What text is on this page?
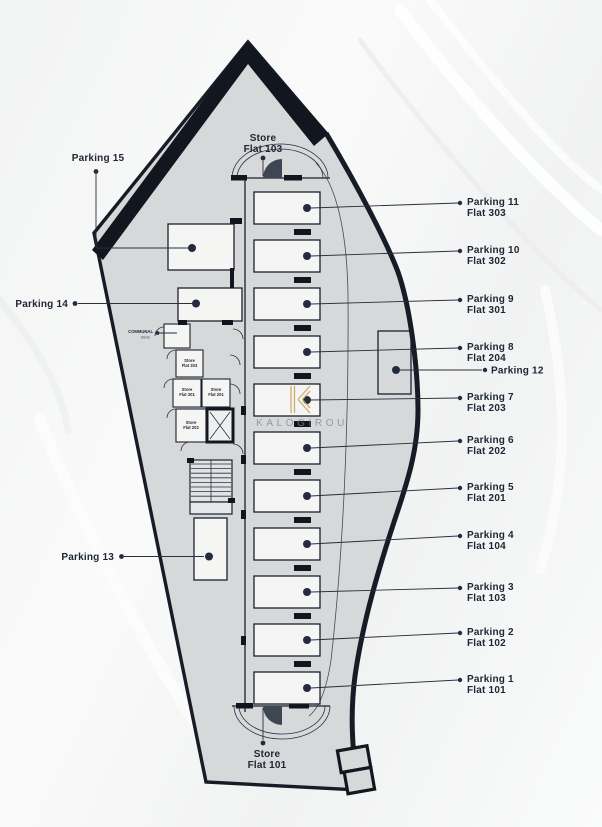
Store
Flat 303
Store
Flat 301
Store
Flat 201
Store
Flat 202
Parking 15
Parking 14
COMMUNAL
Store
Parking 13
Store
Flat 103
Store
Flat 101
Parking 11
Flat 303
Parking 10
Flat 302
Parking 9
Flat 301
Parking 8
Flat 204
Parking 12
Parking 7
Flat 203
Parking 6
Flat 202
Parking 5
Flat 201
Parking 4
Flat 104
Parking 3
Flat 103
Parking 2
Flat 102
Parking 1
Flat 101
KALOGIROU
